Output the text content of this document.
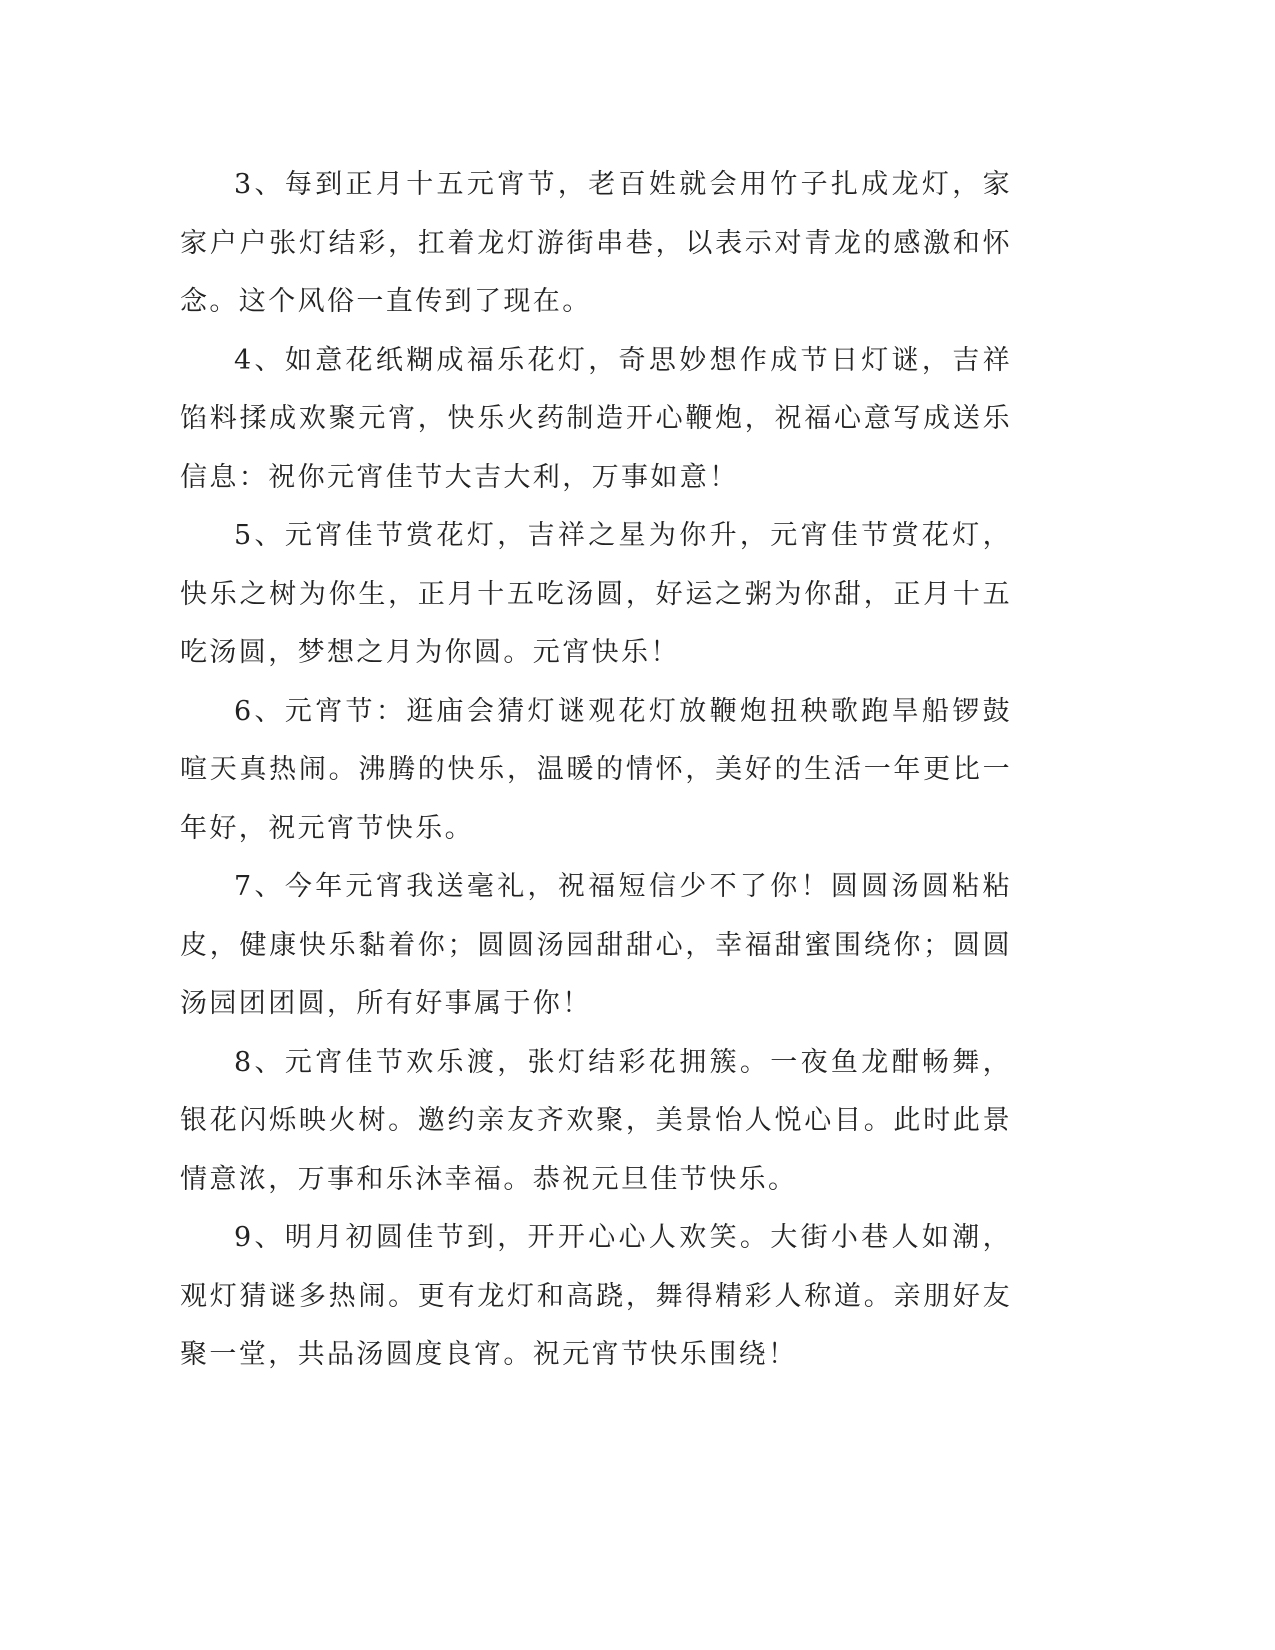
3、每到正月十五元宵节，老百姓就会用竹子扎成龙灯，家家户户张灯结彩，扛着龙灯游街串巷，以表示对青龙的感激和怀念。这个风俗一直传到了现在。

4、如意花纸糊成福乐花灯，奇思妙想作成节日灯谜，吉祥馅料揉成欢聚元宵，快乐火药制造开心鞭炮，祝福心意写成送乐信息：祝你元宵佳节大吉大利，万事如意！

5、元宵佳节赏花灯，吉祥之星为你升，元宵佳节赏花灯，快乐之树为你生，正月十五吃汤圆，好运之粥为你甜，正月十五吃汤圆，梦想之月为你圆。元宵快乐！

6、元宵节：逛庙会猜灯谜观花灯放鞭炮扭秧歌跑旱船锣鼓喧天真热闹。沸腾的快乐，温暖的情怀，美好的生活一年更比一年好，祝元宵节快乐。

7、今年元宵我送毫礼，祝福短信少不了你！圆圆汤圆粘粘皮，健康快乐黏着你；圆圆汤园甜甜心，幸福甜蜜围绕你；圆圆汤园团团圆，所有好事属于你！

8、元宵佳节欢乐渡，张灯结彩花拥簇。一夜鱼龙酣畅舞，银花闪烁映火树。邀约亲友齐欢聚，美景怡人悦心目。此时此景情意浓，万事和乐沐幸福。恭祝元旦佳节快乐。

9、明月初圆佳节到，开开心心人欢笑。大街小巷人如潮，观灯猜谜多热闹。更有龙灯和高跷，舞得精彩人称道。亲朋好友聚一堂，共品汤圆度良宵。祝元宵节快乐围绕！
